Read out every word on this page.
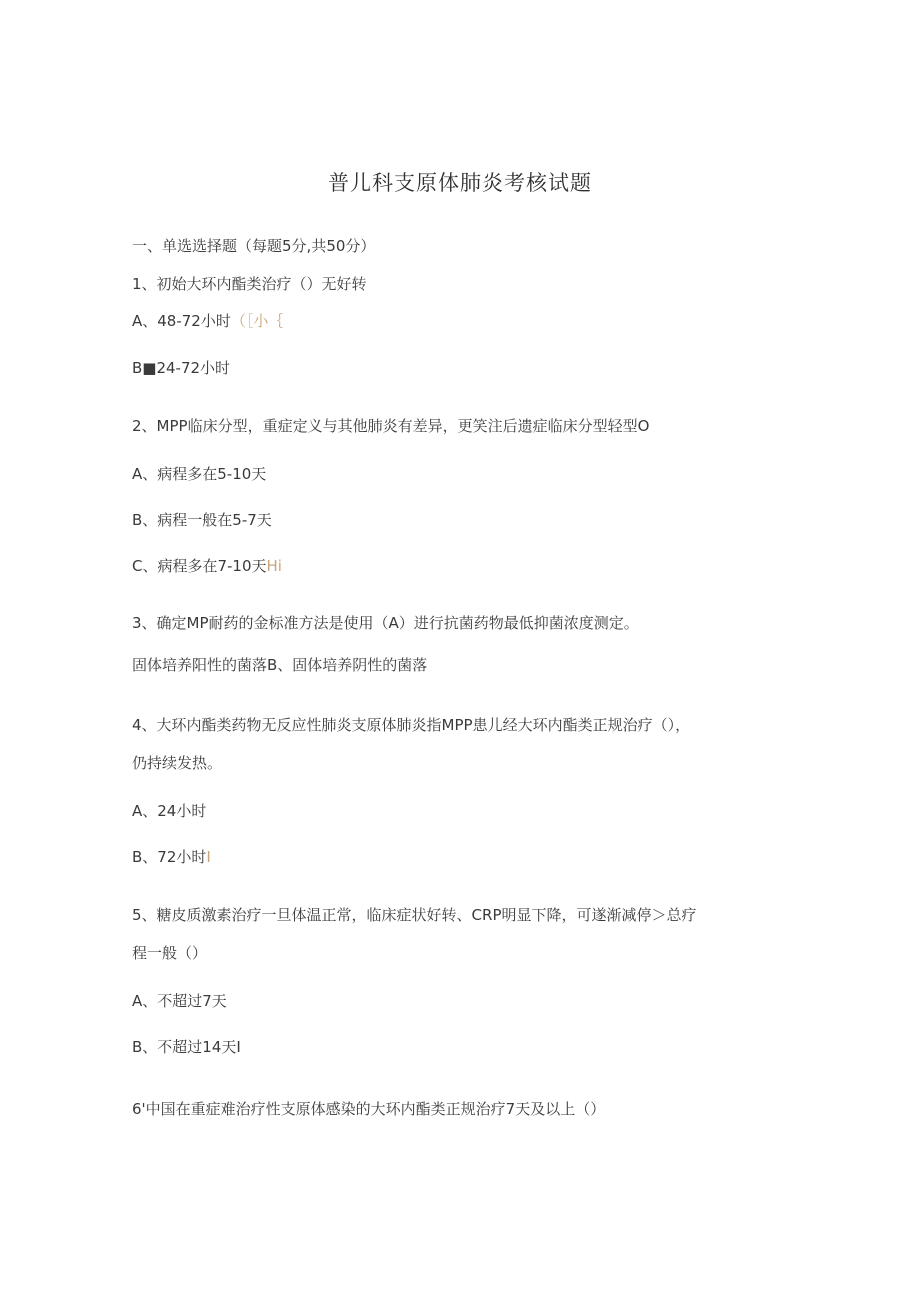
普儿科支原体肺炎考核试题
一、单选选择题（每题5分,共50分）
1、初始大环内酯类治疗（）无好转
A、48-72小时（［小｛
B■24-72小时
2、MPP临床分型，重症定义与其他肺炎有差异，更笑注后遗症临床分型轻型O
A、病程多在5-10天
B、病程一般在5-7天
C、病程多在7-10天Hi
3、确定MP耐药的金标准方法是使用（A）进行抗菌药物最低抑菌浓度测定。
固体培养阳性的菌落B、固体培养阴性的菌落
4、大环内酯类药物无反应性肺炎支原体肺炎指MPP患儿经大环内酯类正规治疗（），
仍持续发热。
A、24小时
B、72小时I
5、糖皮质激素治疗一旦体温正常，临床症状好转、CRP明显下降，可遂渐减停＞总疗
程一般（）
A、不超过7天
B、不超过14天I
6'中国在重症难治疗性支原体感染的大环内酯类正规治疗7天及以上（）
